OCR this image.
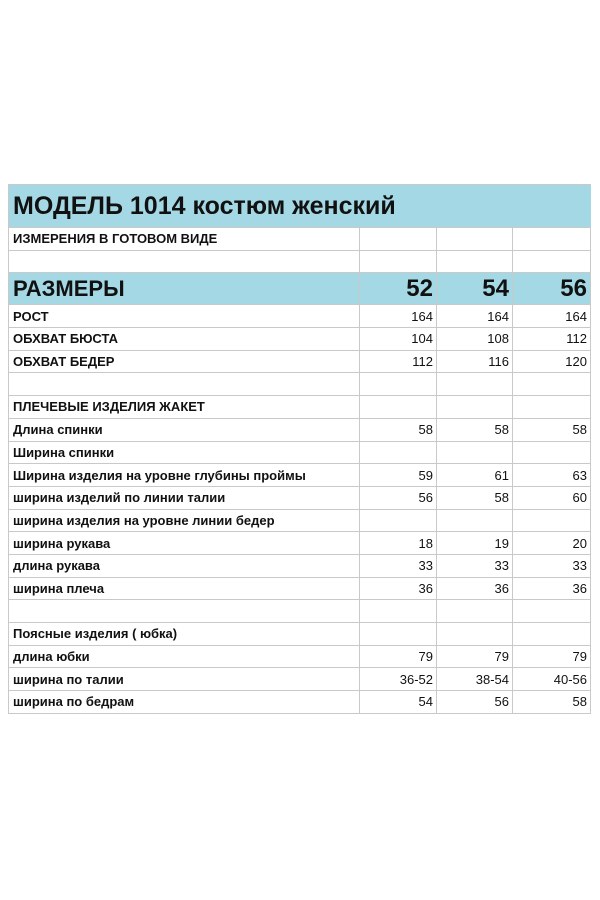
МОДЕЛЬ 1014 костюм женский
ИЗМЕРЕНИЯ В ГОТОВОМ ВИДЕ
РАЗМЕРЫ	52	54	56
РОСТ	164	164	164
ОБХВАТ БЮСТА	104	108	112
ОБХВАТ БЕДЕР	112	116	120
ПЛЕЧЕВЫЕ ИЗДЕЛИЯ ЖАКЕТ
Длина спинки	58	58	58
Ширина спинки
Ширина изделия на уровне глубины проймы	59	61	63
ширина изделий по линии талии	56	58	60
ширина изделия на уровне линии бедер
ширина рукава	18	19	20
длина рукава	33	33	33
ширина плеча	36	36	36
Поясные изделия ( юбка)
длина юбки	79	79	79
ширина по талии	36-52	38-54	40-56
ширина по бедрам	54	56	58
